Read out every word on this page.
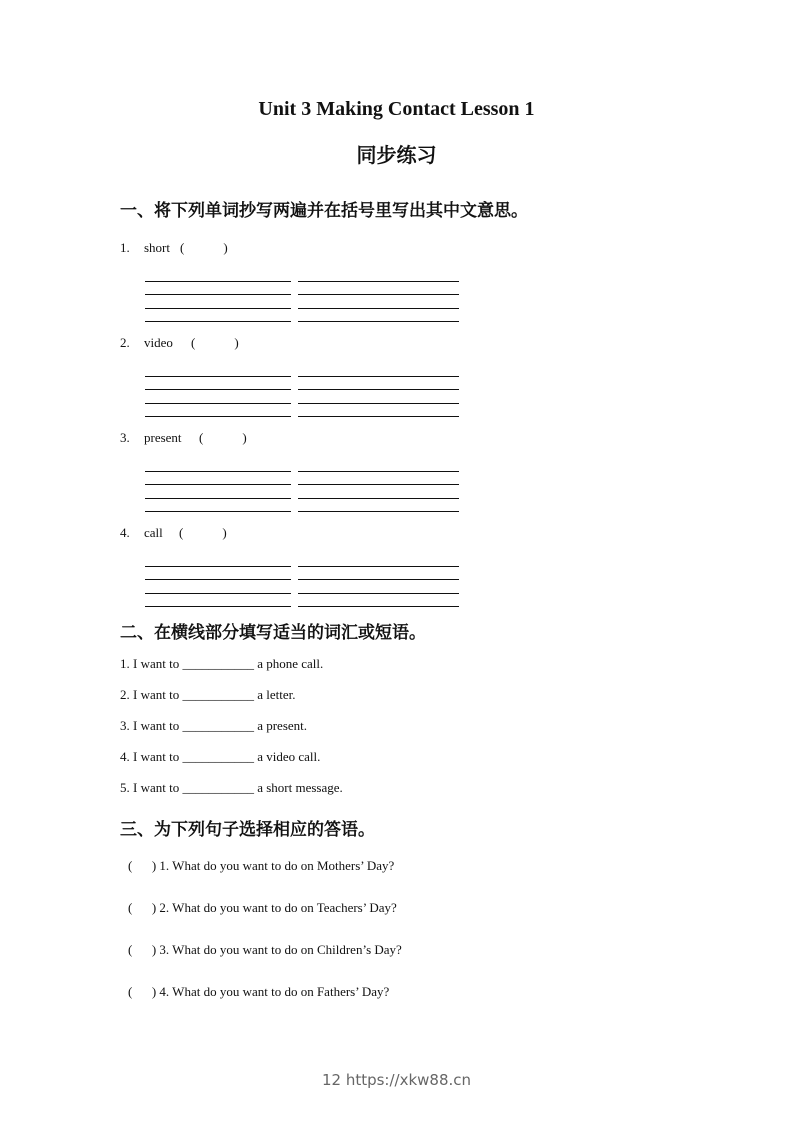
Unit 3 Making Contact Lesson 1
同步练习
一、将下列单词抄写两遍并在括号里写出其中文意思。
二、在横线部分填写适当的词汇或短语。
三、为下列句子选择相应的答语。
12 https://xkw88.cn
1. short (            )
2. video (            )
3. present (            )
4. call (            )
1. I want to ___________ a phone call.
2. I want to ___________ a letter.
3. I want to ___________ a present.
4. I want to ___________ a video call.
5. I want to ___________ a short message.
(      ) 1. What do you want to do on Mothers’ Day?
(      ) 2. What do you want to do on Teachers’ Day?
(      ) 3. What do you want to do on Children’s Day?
(      ) 4. What do you want to do on Fathers’ Day?
